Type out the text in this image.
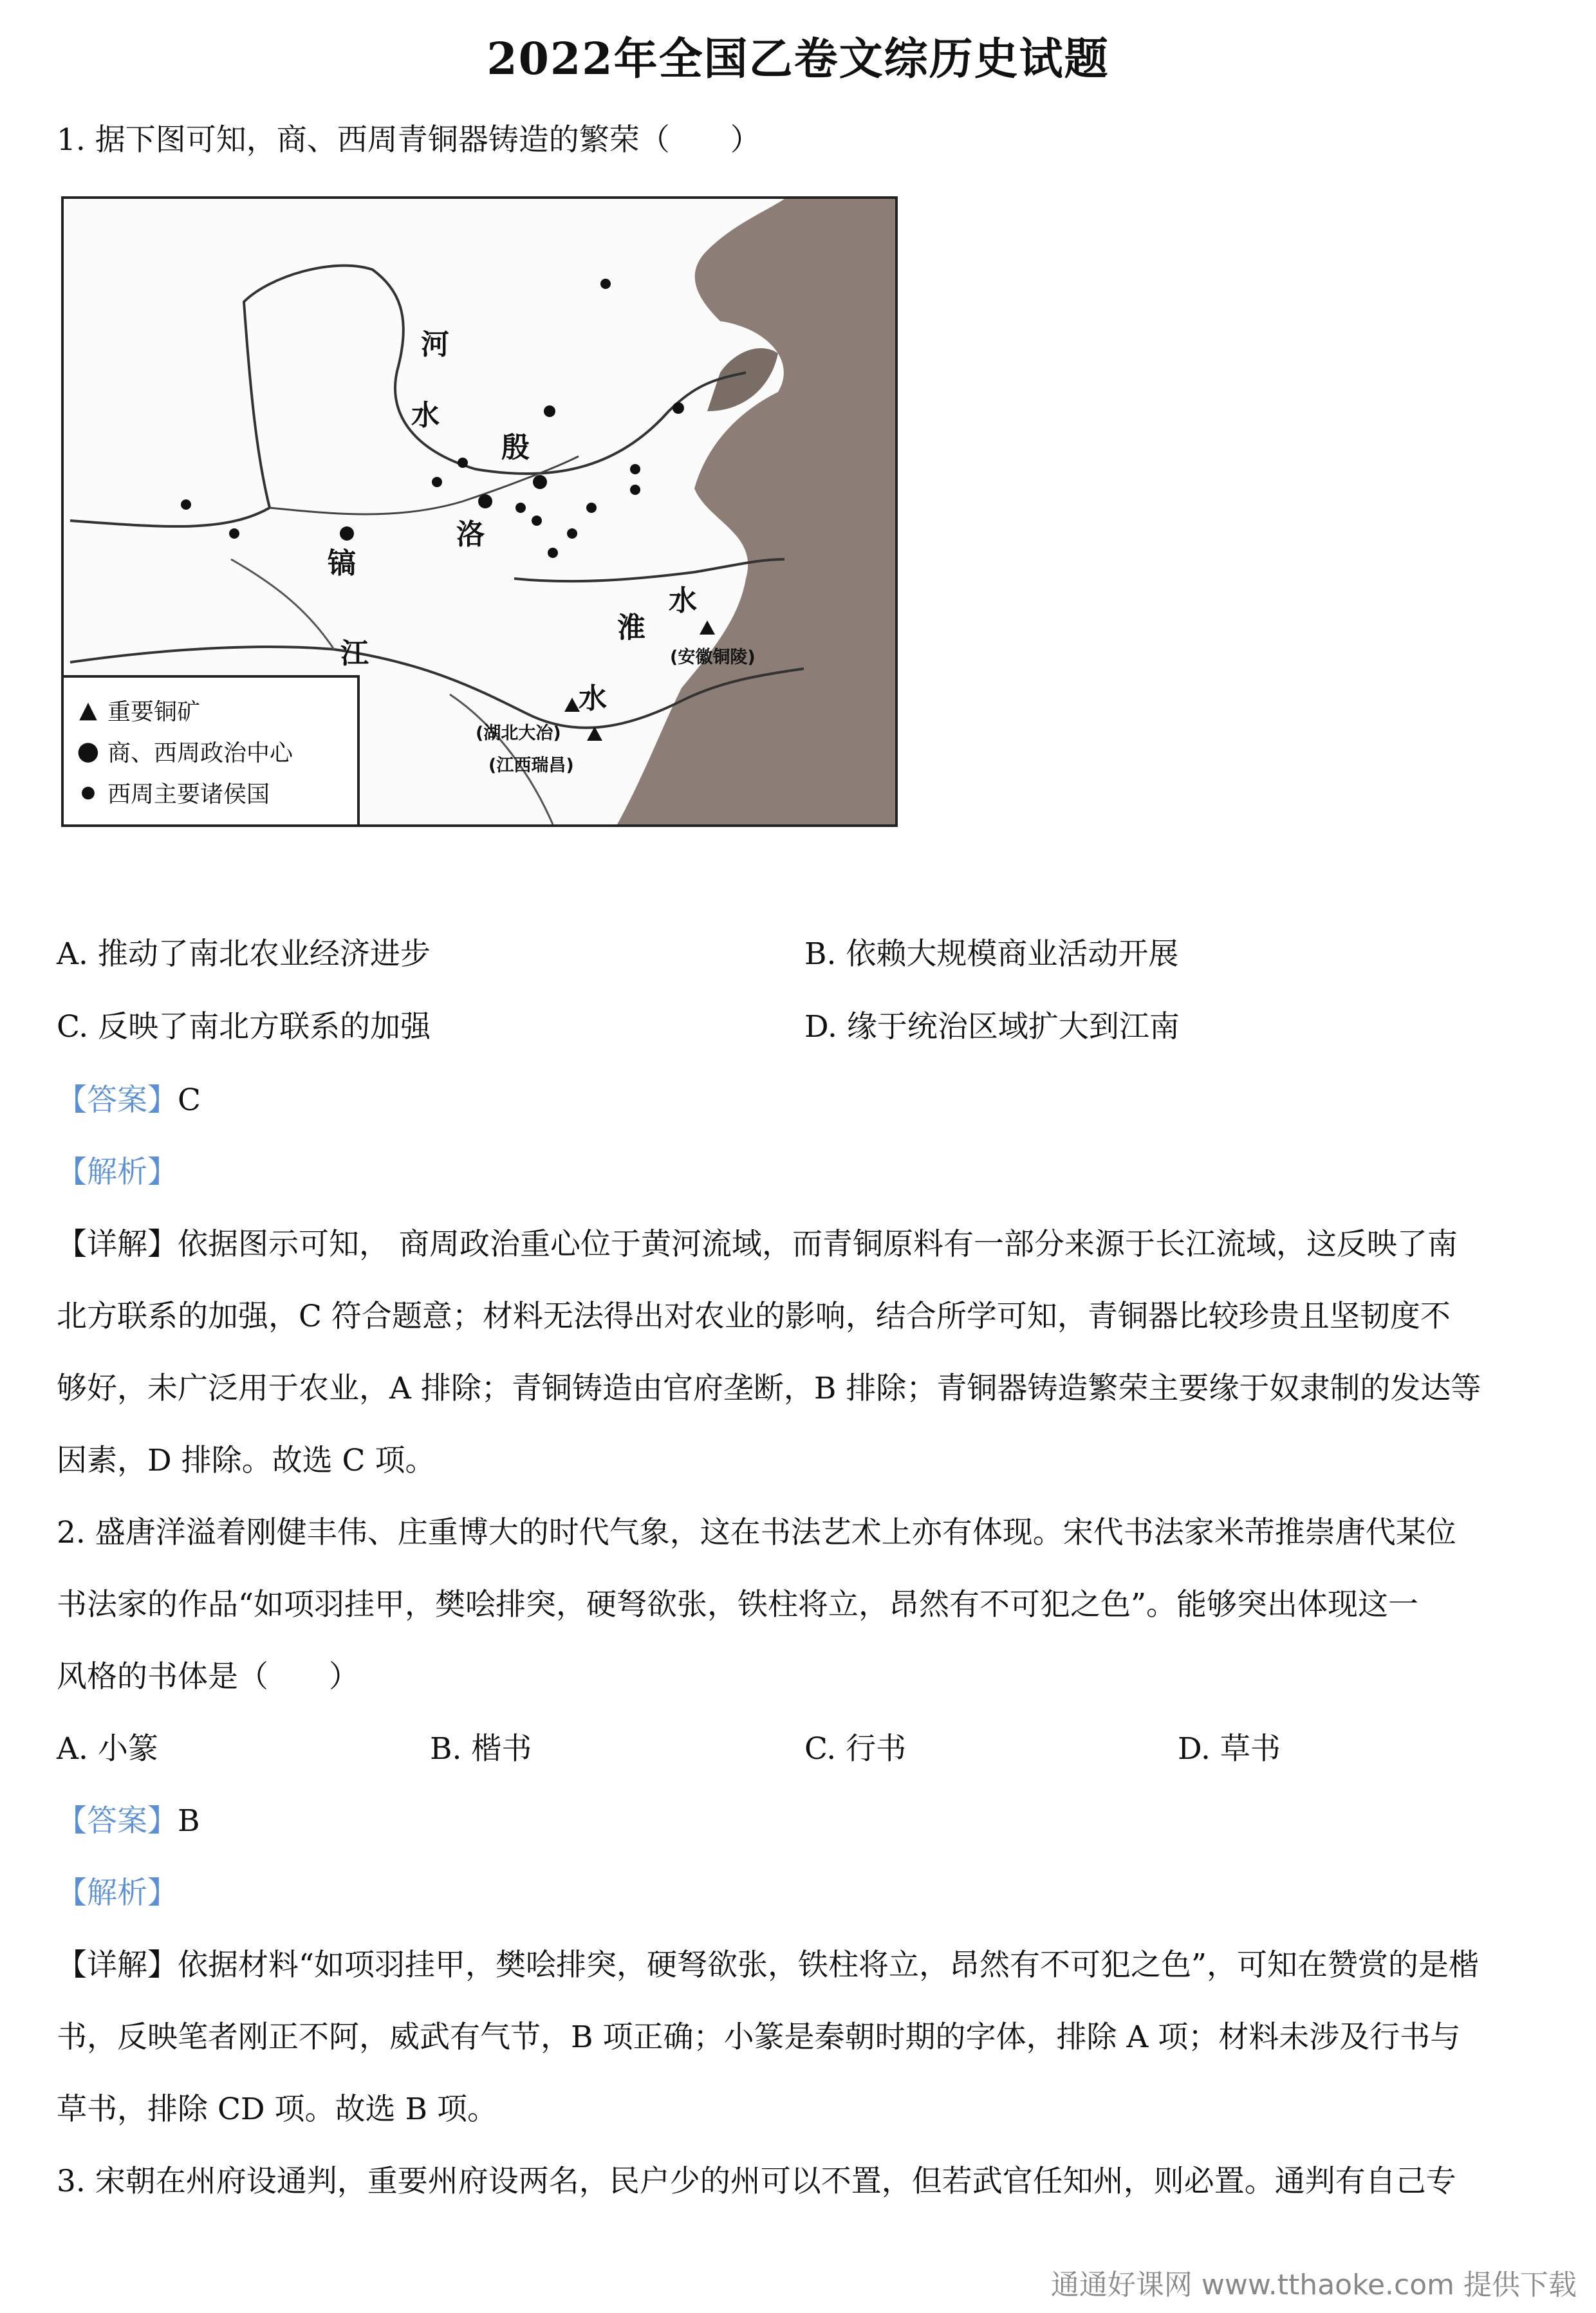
2022年全国乙卷文综历史试题
1. 据下图可知，商、西周青铜器铸造的繁荣（　　）
河
水
殷
洛
镐
淮
水
江
水
(湖北大冶)
(江西瑞昌)
(安徽铜陵)
▲ 重要铜矿
● 商、西周政治中心
● 西周主要诸侯国
A. 推动了南北农业经济进步	B. 依赖大规模商业活动开展
C. 反映了南北方联系的加强	D. 缘于统治区域扩大到江南
【答案】C
【解析】
【详解】依据图示可知， 商周政治重心位于黄河流域，而青铜原料有一部分来源于长江流域，这反映了南
北方联系的加强，C 符合题意；材料无法得出对农业的影响，结合所学可知，青铜器比较珍贵且坚韧度不
够好，未广泛用于农业，A 排除；青铜铸造由官府垄断，B 排除；青铜器铸造繁荣主要缘于奴隶制的发达等
因素，D 排除。故选 C 项。
2. 盛唐洋溢着刚健丰伟、庄重博大的时代气象，这在书法艺术上亦有体现。宋代书法家米芾推崇唐代某位
书法家的作品“如项羽挂甲，樊哙排突，硬弩欲张，铁柱将立，昂然有不可犯之色”。能够突出体现这一
风格的书体是（　　）
A. 小篆	B. 楷书	C. 行书	D. 草书
【答案】B
【解析】
【详解】依据材料“如项羽挂甲，樊哙排突，硬弩欲张，铁柱将立，昂然有不可犯之色”，可知在赞赏的是楷
书，反映笔者刚正不阿，威武有气节，B 项正确；小篆是秦朝时期的字体，排除 A 项；材料未涉及行书与
草书，排除 CD 项。故选 B 项。
3. 宋朝在州府设通判，重要州府设两名，民户少的州可以不置，但若武官任知州，则必置。通判有自己专
通通好课网 www.tthaoke.com 提供下载
